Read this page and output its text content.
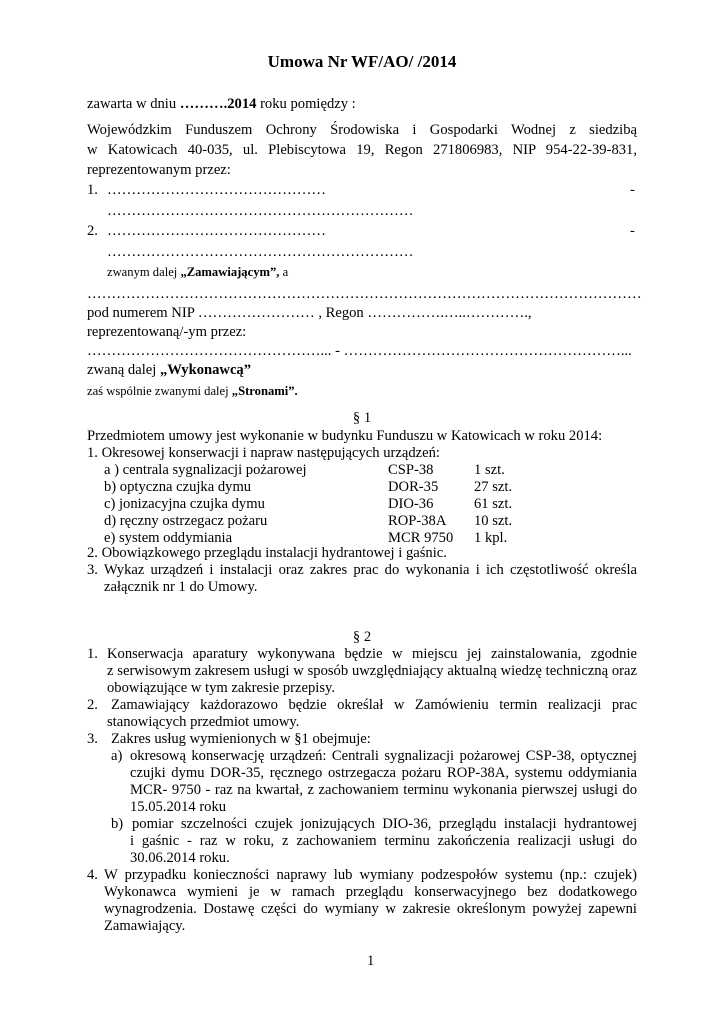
Umowa Nr WF/AO/ /2014
zawarta w dniu ……….2014 roku pomiędzy :
Wojewódzkim Funduszem Ochrony Środowiska i Gospodarki Wodnej z siedzibą
w Katowicach 40-035, ul. Plebiscytowa 19, Regon 271806983, NIP 954-22-39-831,
reprezentowanym przez:
1. ………………………………………	-
………………………………………………………
2. ………………………………………	-
………………………………………………………
zwanym dalej „Zamawiającym”, a
……………………………………………………………………………………………………
pod numerem NIP …………………… , Regon …………….…..………….,
reprezentowaną/-ym przez:
…………………………………………... - …………………………………………………...
zwaną dalej „Wykonawcą”
zaś wspólnie zwanymi dalej „Stronami”.
§ 1
Przedmiotem umowy jest wykonanie w budynku Funduszu w Katowicach w roku 2014:
1. Okresowej konserwacji i napraw następujących urządzeń:
a ) centrala sygnalizacji pożarowej	CSP-38	1 szt.
b) optyczna czujka dymu	DOR-35 27 szt.
c) jonizacyjna czujka dymu	DIO-36	61 szt.
d) ręczny ostrzegacz pożaru	ROP-38A 10 szt.
e) system oddymiania	MCR 9750 1 kpl.
2. Obowiązkowego przeglądu instalacji hydrantowej i gaśnic.
3. Wykaz urządzeń i instalacji oraz zakres prac do wykonania i ich częstotliwość określa
załącznik nr 1 do Umowy.
§ 2
1. Konserwacja aparatury wykonywana będzie w miejscu jej zainstalowania, zgodnie
z serwisowym zakresem usługi w sposób uwzględniający aktualną wiedzę techniczną oraz
obowiązujące w tym zakresie przepisy.
2. Zamawiający każdorazowo będzie określał w Zamówieniu termin realizacji prac
stanowiących przedmiot umowy.
3. Zakres usług wymienionych w §1 obejmuje:
a) okresową konserwację urządzeń: Centrali sygnalizacji pożarowej CSP-38, optycznej
czujki dymu DOR-35, ręcznego ostrzegacza pożaru ROP-38A, systemu oddymiania
MCR- 9750 - raz na kwartał, z zachowaniem terminu wykonania pierwszej usługi do
15.05.2014 roku
b) pomiar szczelności czujek jonizujących DIO-36, przeglądu instalacji hydrantowej
i gaśnic - raz w roku, z zachowaniem terminu zakończenia realizacji usługi do
30.06.2014 roku.
4. W przypadku konieczności naprawy lub wymiany podzespołów systemu (np.: czujek)
Wykonawca wymieni je w ramach przeglądu konserwacyjnego bez dodatkowego
wynagrodzenia. Dostawę części do wymiany w zakresie określonym powyżej zapewni
Zamawiający.
1
